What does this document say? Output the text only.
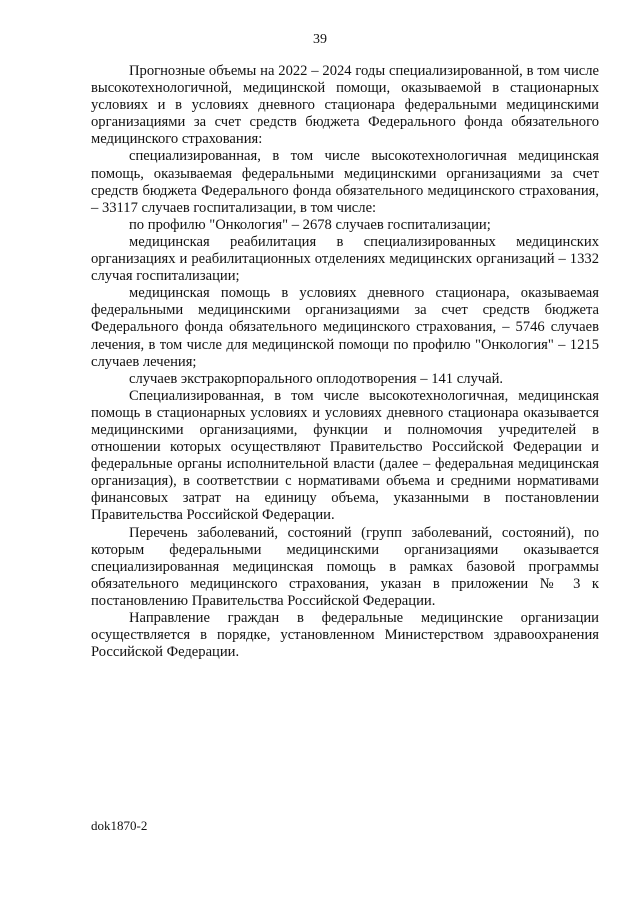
39

Прогнозные объемы на 2022 – 2024 годы специализированной, в том числе высокотехнологичной, медицинской помощи, оказываемой в стационарных условиях и в условиях дневного стационара федеральными медицинскими организациями за счет средств бюджета Федерального фонда обязательного медицинского страхования:

специализированная, в том числе высокотехнологичная медицинская помощь, оказываемая федеральными медицинскими организациями за счет средств бюджета Федерального фонда обязательного медицинского страхования, – 33117 случаев госпитализации, в том числе:

по профилю "Онкология" – 2678 случаев госпитализации;

медицинская реабилитация в специализированных медицинских организациях и реабилитационных отделениях медицинских организаций – 1332 случая госпитализации;

медицинская помощь в условиях дневного стационара, оказываемая федеральными медицинскими организациями за счет средств бюджета Федерального фонда обязательного медицинского страхования, – 5746 случаев лечения, в том числе для медицинской помощи по профилю "Онкология" – 1215 случаев лечения;

случаев экстракорпорального оплодотворения – 141 случай.

Специализированная, в том числе высокотехнологичная, медицинская помощь в стационарных условиях и условиях дневного стационара оказывается медицинскими организациями, функции и полномочия учредителей в отношении которых осуществляют Правительство Российской Федерации и федеральные органы исполнительной власти (далее – федеральная медицинская организация), в соответствии с нормативами объема и средними нормативами финансовых затрат на единицу объема, указанными в постановлении Правительства Российской Федерации.

Перечень заболеваний, состояний (групп заболеваний, состояний), по которым федеральными медицинскими организациями оказывается специализированная медицинская помощь в рамках базовой программы обязательного медицинского страхования, указан в приложении № 3 к постановлению Правительства Российской Федерации.

Направление граждан в федеральные медицинские организации осуществляется в порядке, установленном Министерством здравоохранения Российской Федерации.

dok1870-2
